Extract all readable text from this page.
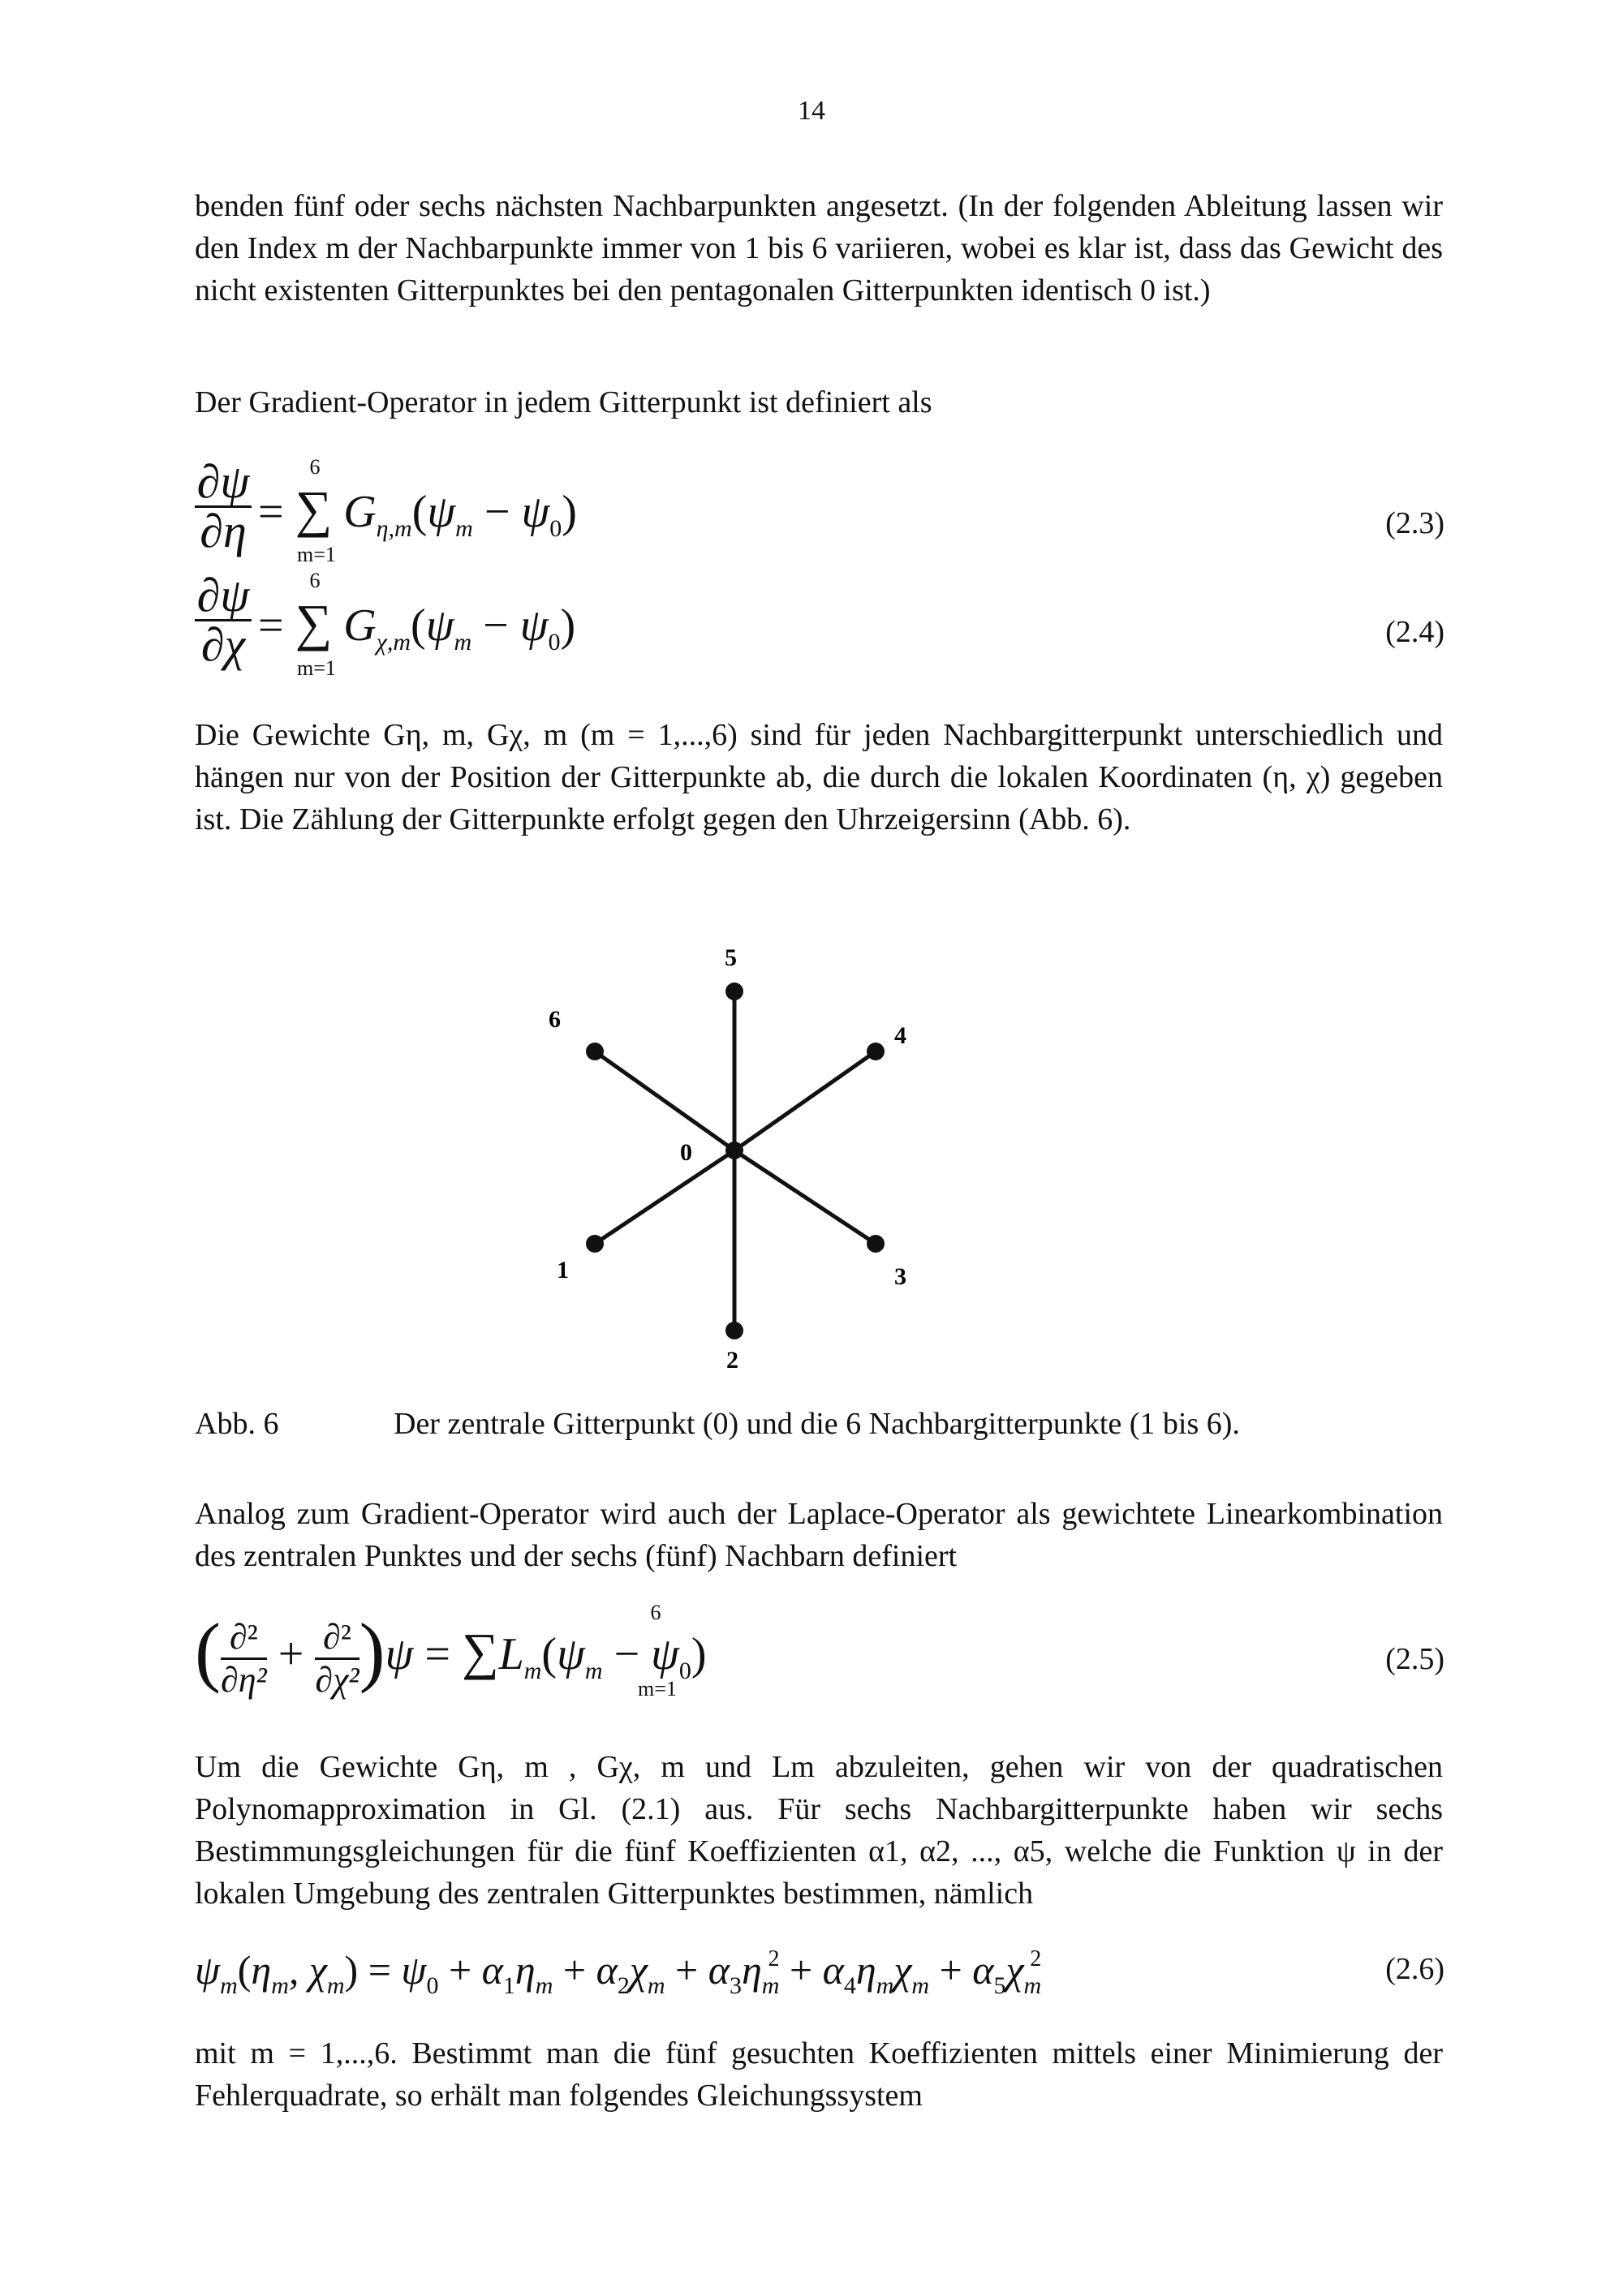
14

benden fünf oder sechs nächsten Nachbarpunkten angesetzt. (In der folgenden Ableitung lassen wir den Index m der Nachbarpunkte immer von 1 bis 6 variieren, wobei es klar ist, dass das Gewicht des nicht existenten Gitterpunktes bei den pentagonalen Gitterpunkten identisch 0 ist.)

Der Gradient-Operator in jedem Gitterpunkt ist definiert als

$\frac{\partial\psi}{\partial\eta}$ = ∑ $G_{\eta,m}(\psi_m - \psi_0)$
6
m=1
(2.3)
$\frac{\partial\psi}{\partial\chi}$ = ∑ $G_{\chi,m}(\psi_m - \psi_0)$
6
m=1
(2.4)

Die Gewichte Gη, m, Gχ, m (m = 1,...,6) sind für jeden Nachbargitterpunkt unterschiedlich und hängen nur von der Position der Gitterpunkte ab, die durch die lokalen Koordinaten (η, χ) gegeben ist. Die Zählung der Gitterpunkte erfolgt gegen den Uhrzeigersinn (Abb. 6).

0
1
2
3
4
5
6
Abb. 6	Der zentrale Gitterpunkt (0) und die 6 Nachbargitterpunkte (1 bis 6).

Analog zum Gradient-Operator wird auch der Laplace-Operator als gewichtete Linearkombination des zentralen Punktes und der sechs (fünf) Nachbarn definiert

( ∂²
∂η²
+ ∂²
∂χ² )$\psi = \sum L_m(\psi_m - \psi_0)$
6
m=1
(2.5)

Um die Gewichte Gη, m , Gχ, m und Lm abzuleiten, gehen wir von der quadratischen Polynomapproximation in Gl. (2.1) aus. Für sechs Nachbargitterpunkte haben wir sechs Bestimmungsgleichungen für die fünf Koeffizienten α1, α2, ..., α5, welche die Funktion ψ in der lokalen Umgebung des zentralen Gitterpunktes bestimmen, nämlich

$\psi_m(\eta_m$, $\chi_m) = \psi_0 + \alpha_1\eta_m + \alpha_2\chi_m + \alpha_3\eta_m^2 + \alpha_4\eta_m\chi_m + \alpha_5\chi_m^2$	(2.6)

mit m = 1,...,6. Bestimmt man die fünf gesuchten Koeffizienten mittels einer Minimierung der Fehlerquadrate, so erhält man folgendes Gleichungssystem
